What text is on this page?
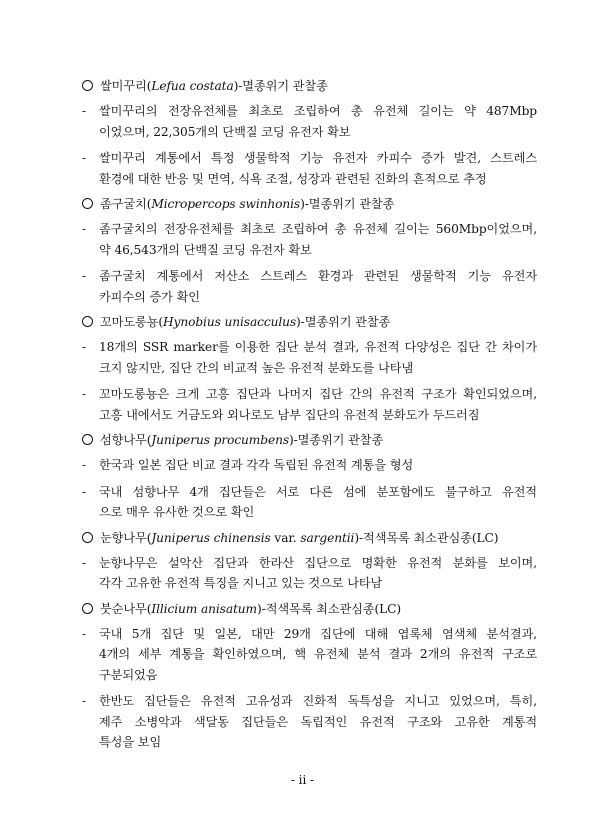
쌀미꾸리(Lefua costata)-멸종위기 관찰종
-	쌀미꾸리의 전장유전체를 최초로 조립하여 총 유전체 길이는 약 487Mbp
이었으며, 22,305개의 단백질 코딩 유전자 확보
-	쌀미꾸리 계통에서 특정 생물학적 기능 유전자 카피수 증가 발견, 스트레스
환경에 대한 반응 및 면역, 식욕 조절, 성장과 관련된 진화의 흔적으로 추정
좀구굴치(Micropercops swinhonis)-멸종위기 관찰종
-	좀구굴치의 전장유전체를 최초로 조립하여 총 유전체 길이는 560Mbp이었으며,
약 46,543개의 단백질 코딩 유전자 확보
-	좀구굴치 계통에서 저산소 스트레스 환경과 관련된 생물학적 기능 유전자
카피수의 증가 확인
꼬마도롱뇽(Hynobius unisacculus)-멸종위기 관찰종
-	18개의 SSR marker를 이용한 집단 분석 결과, 유전적 다양성은 집단 간 차이가
크지 않지만, 집단 간의 비교적 높은 유전적 분화도를 나타냄
-	꼬마도롱뇽은 크게 고흥 집단과 나머지 집단 간의 유전적 구조가 확인되었으며,
고흥 내에서도 거금도와 외나로도 남부 집단의 유전적 분화도가 두드러짐
섬향나무(Juniperus procumbens)-멸종위기 관찰종
-	한국과 일본 집단 비교 결과 각각 독립된 유전적 계통을 형성
-	국내 섬향나무 4개 집단들은 서로 다른 섬에 분포함에도 불구하고 유전적
으로 매우 유사한 것으로 확인
눈향나무(Juniperus chinensis var. sargentii)-적색목록 최소관심종(LC)
-	눈향나무은 설악산 집단과 한라산 집단으로 명확한 유전적 분화를 보이며,
각각 고유한 유전적 특징을 지니고 있는 것으로 나타남
붓순나무(Illicium anisatum)-적색목록 최소관심종(LC)
-	국내 5개 집단 및 일본, 대만 29개 집단에 대해 엽록체 염색체 분석결과,
4개의 세부 계통을 확인하였으며, 핵 유전체 분석 결과 2개의 유전적 구조로
구분되었음
-	한반도 집단들은 유전적 고유성과 진화적 독특성을 지니고 있었으며, 특히,
제주 소병악과 색달동 집단들은 독립적인 유전적 구조와 고유한 계통적
특성을 보임
- ii -
